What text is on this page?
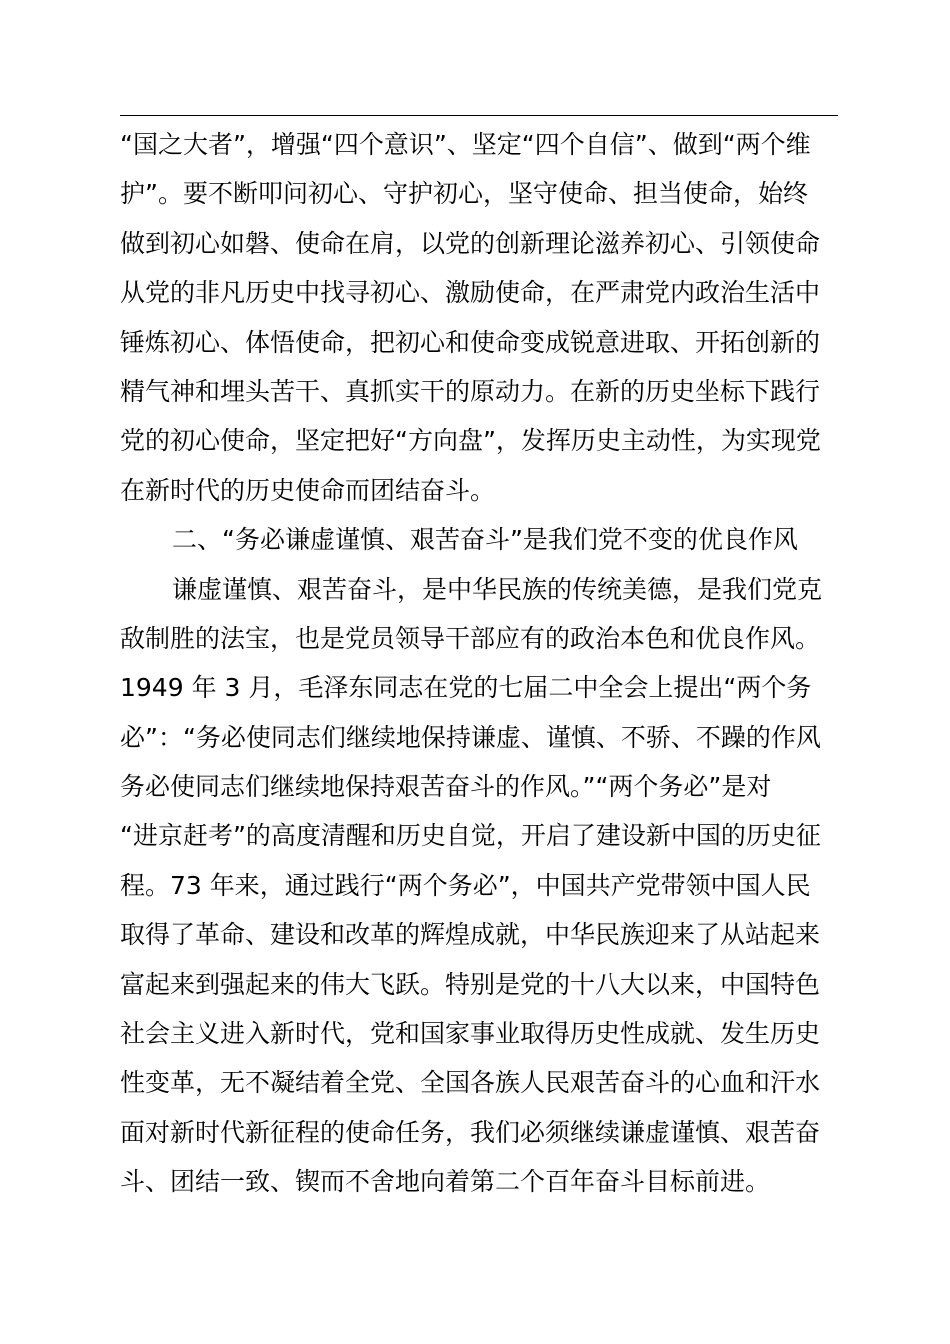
“国之大者”，增强“四个意识”、坚定“四个自信”、做到“两个维
护”。要不断叩问初心、守护初心，坚守使命、担当使命，始终
做到初心如磐、使命在肩，以党的创新理论滋养初心、引领使命
从党的非凡历史中找寻初心、激励使命，在严肃党内政治生活中
锤炼初心、体悟使命，把初心和使命变成锐意进取、开拓创新的
精气神和埋头苦干、真抓实干的原动力。在新的历史坐标下践行
党的初心使命，坚定把好“方向盘”，发挥历史主动性，为实现党
在新时代的历史使命而团结奋斗。
二、“务必谦虚谨慎、艰苦奋斗”是我们党不变的优良作风
谦虚谨慎、艰苦奋斗，是中华民族的传统美德，是我们党克
敌制胜的法宝，也是党员领导干部应有的政治本色和优良作风。
1949 年 3 月，毛泽东同志在党的七届二中全会上提出“两个务
必”：“务必使同志们继续地保持谦虚、谨慎、不骄、不躁的作风
务必使同志们继续地保持艰苦奋斗的作风。”“两个务必”是对
“进京赶考”的高度清醒和历史自觉，开启了建设新中国的历史征
程。73 年来，通过践行“两个务必”，中国共产党带领中国人民
取得了革命、建设和改革的辉煌成就，中华民族迎来了从站起来
富起来到强起来的伟大飞跃。特别是党的十八大以来，中国特色
社会主义进入新时代，党和国家事业取得历史性成就、发生历史
性变革，无不凝结着全党、全国各族人民艰苦奋斗的心血和汗水
面对新时代新征程的使命任务，我们必须继续谦虚谨慎、艰苦奋
斗、团结一致、锲而不舍地向着第二个百年奋斗目标前进。
